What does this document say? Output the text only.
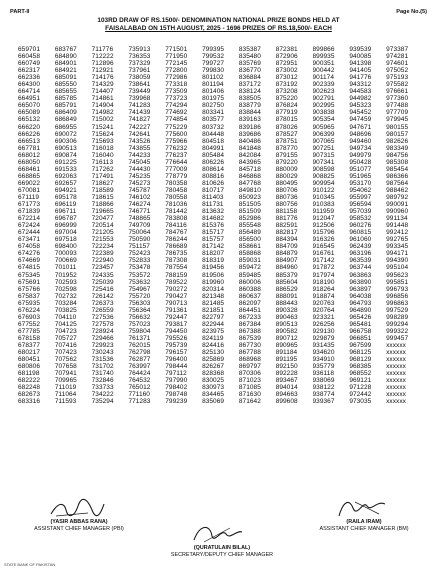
PART-II	Page No.(5)
103RD DRAW OF RS.1500/- DENOMINATION NATIONAL PRIZE BONDS HELD AT
FAISALABAD ON 15TH AUGUST, 2025 - 1696 PRIZES OF RS.18,500/- EACH
659701	683767	711776	735913	771501	799395	835387	872381	899866	939539	973387
660458	684890	712222	736353	771950	799532	835480	872906	899935	940085	974281
660749	684901	712896	737329	772145	799727	835769	872951	900351	941398	974601
662317	684921	712921	737961	772800	799830	836770	873002	900442	941405	975052
662336	685091	714176	738059	772986	801102	836884	873012	901174	941776	975193
664300	685550	714329	738641	773318	801194	837172	873192	902339	943312	975582
664714	685655	714407	739449	773509	801406	838124	873208	902623	944583	976661
664951	685785	714861	739968	773723	801975	838505	875220	902791	944982	977360
665070	685791	714904	741283	774294	802750	838779	876824	902995	945323	977488
665089	686409	714982	741439	774692	803341	838844	877919	903838	945452	977709
665132	686849	715002	741827	774854	803577	839163	878015	905354	947459	979945
666220	686955	715241	742227	775229	803732	839186	878026	905965	947671	980155
666226	690072	715624	742641	775600	804448	839686	878527	906399	948696	980157
666513	690306	715693	743526	775966	804518	840486	878751	907065	949460	982626
667781	690513	716018	743855	776232	804991	841848	878770	907251	949734	983349
668012	690874	716040	744233	776237	805484	842084	879155	907315	949979	984756
668050	691225	716113	745045	776644	806226	843965	879220	907341	950428	985308
668461	691533	717262	744430	777009	808614	845718	880009	908598	951077	985454
668865	692063	717491	745235	778779	808816	846868	880029	908825	951965	986366
669022	692657	718627	745273	780358	810626	847768	880495	909954	953170	987564
670081	694921	718589	745787	780458	810717	849810	880706	910122	954062	988462
671119	695178	718615	746102	780558	811403	850923	880736	910345	955997	989792
671773	696119	718866	746274	781036	811731	851505	880756	910383	956594	990091
671839	696711	719665	746771	781442	813632	851509	881158	911959	957039	990960
672214	696787	720477	748865	783808	814682	852986	881776	912047	958532	991134
672424	696999	720514	749709	784116	815376	855548	882591	912506	960276	991448
672444	697004	721205	750064	784767	815717	856489	882817	915796	960815	992412
673471	697518	721553	750590	786244	815757	856500	884394	916326	961060	992765
674058	698400	722234	751157	786689	817142	858661	884709	916545	962439	993345
674276	700093	722389	752423	786735	818207	858868	884879	916761	963196	994171
674669	700669	722940	752833	787308	818319	859031	884907	917142	963539	994390
674815	701011	723457	753478	787554	819456	859472	884960	917872	963744	995104
675345	701952	724335	753572	788159	819506	859485	885379	917974	963863	995623
675691	702593	725039	753632	789522	819960	860006	885604	918190	963890	995851
675766	702598	725416	754967	790272	820314	860388	886529	918264	963897	996793
675837	702732	726142	755720	790427	821348	860637	888091	918874	964038	996856
675935	703284	726373	756303	790713	821485	862097	888443	920763	964793	996863
676224	703825	726559	756364	791361	821851	864451	890328	920764	964890	997529
676903	704110	727536	756632	792447	822797	867233	890463	923321	965426	998289
677552	704125	727578	757023	793817	822944	867384	890513	926256	965481	999294
677785	704723	728924	759804	794450	823975	867388	890582	929130	966758	999322
678158	705727	729466	761371	795526	824119	867539	890712	929879	966851	999457
678377	707416	729923	762015	795739	824416	867730	890965	931435	967599	xxxxxx
680217	707423	730243	762798	796157	825130	867788	891184	934620	968125	xxxxxx
680451	707562	731536	762877	796400	825869	868968	891195	934910	968129	xxxxxx
680806	707658	731702	763997	798444	826267	869797	892150	935779	968385	xxxxxx
681198	707941	731740	764424	797112	828368	870306	892228	936118	968552	xxxxxx
682222	709965	732846	764532	797990	830025	871023	893467	938069	969121	xxxxxx
682248	711019	733733	765012	798402	830973	871085	894014	938122	971228	xxxxxx
682673	711064	734222	771160	798748	834465	871630	894663	938774	972442	xxxxxx
683316	711593	735294	771283	799239	835069	871642	899608	939367	973035	xxxxxx
(YASIR ABBAS RANA)
ASSISTANT CHIEF MANAGER (PBI)
(RAILA IRAM)
ASSISTANT CHIEF MANAGER (BM)
(QURATULAIN BILAL)
SECRETARY/DEPUTY CHIEF MANAGER
STATE BANK OF PAKISTAN
